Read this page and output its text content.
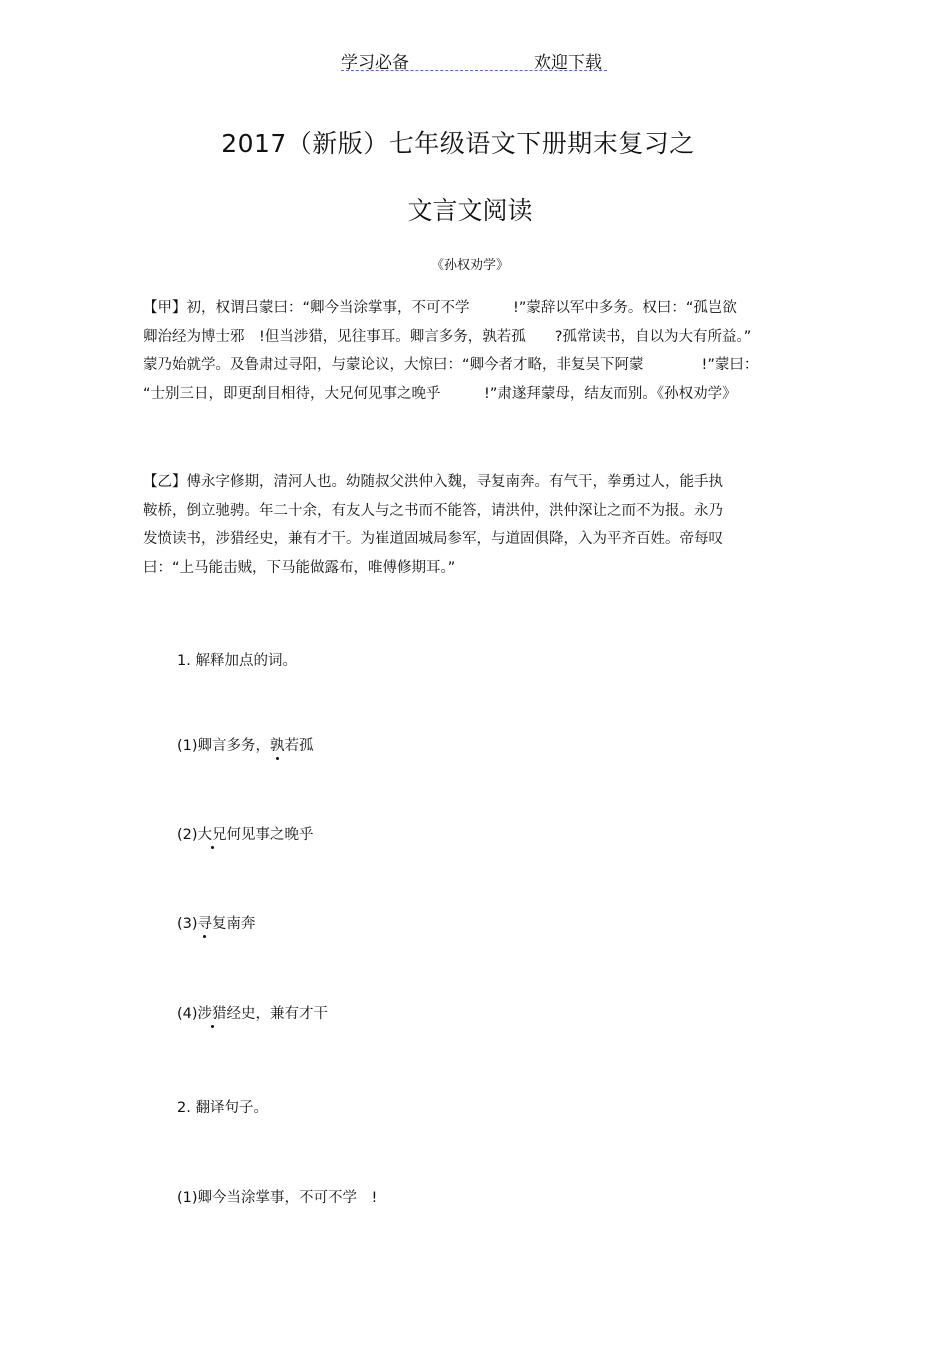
学习必备	欢迎下载
2017（新版）七年级语文下册期末复习之
文言文阅读
《孙权劝学》
【甲】初，权谓吕蒙曰：“卿今当涂掌事，不可不学　　　!”蒙辞以军中多务。权曰：“孤岂欲
卿治经为博士邪　!但当涉猎，见往事耳。卿言多务，孰若孤　　?孤常读书，自以为大有所益。”
蒙乃始就学。及鲁肃过寻阳，与蒙论议，大惊曰：“卿今者才略，非复吴下阿蒙　　　　!”蒙曰：
“士别三日，即更刮目相待，大兄何见事之晚乎　　　!”肃遂拜蒙母，结友而别。《孙权劝学》
【乙】傅永字修期，清河人也。幼随叔父洪仲入魏，寻复南奔。有气干，拳勇过人，能手执
鞍桥，倒立驰骋。年二十余，有友人与之书而不能答，请洪仲，洪仲深让之而不为报。永乃
发愤读书，涉猎经史，兼有才干。为崔道固城局参军，与道固俱降，入为平齐百姓。帝每叹
曰：“上马能击贼，下马能做露布，唯傅修期耳。”
1. 解释加点的词。
(1)卿言多务，孰若孤
(2)大兄何见事之晚乎
(3)寻复南奔
(4)涉猎经史，兼有才干
2. 翻译句子。
(1)卿今当涂掌事，不可不学　!
